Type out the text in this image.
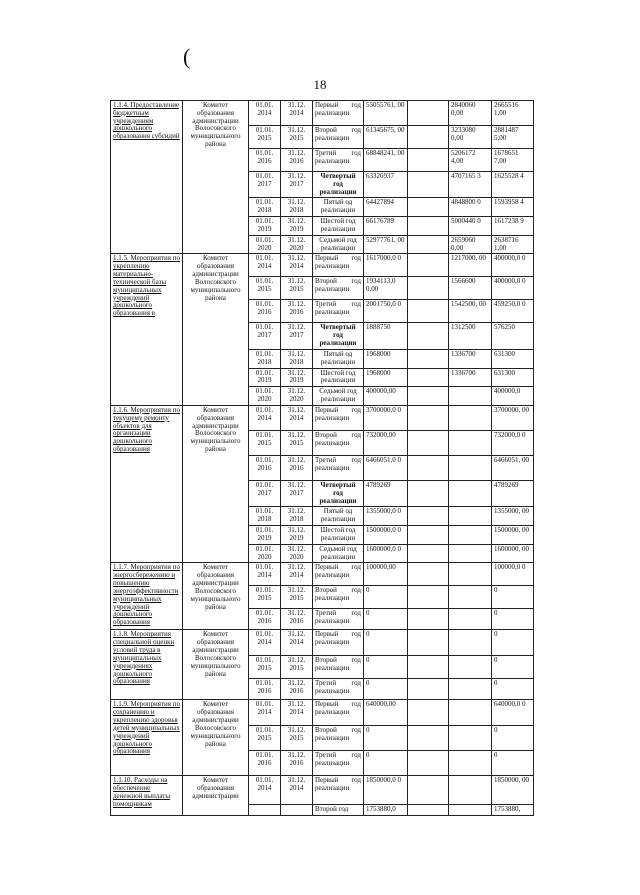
(
18
1.1.4. Предоставление бюджетным учреждениям дошкольного образования субсидий	Комитет образования администрации Волосовского муниципального района	01.01. 2014	31.12. 2014	Первый год реализации	55055761, 00		2840060 0,00	2665516 1,00
		01.01. 2015	31.12. 2015	Второй год реализации	61345675, 00		3233080 0,00	2881487 5,00
		01.01. 2016	31.12. 2016	Третий год реализации	68848241, 00		5206172 4,00	1678651 7,00
		01.01. 2017	31.12. 2017	Четвертый год реализации	63326937		4707165 3	1625528 4
		01.01. 2018	31.12. 2018	Пятый од реализации	64427894		4848800 0	1593958 4
		01.01. 2019	31.12. 2019	Шестой год реализации	66176789		5000440 0	1617238 9
		01.01. 2020	31.12. 2020	Седьмой год реализации	52977761, 00		2659060 0,00	2638716 1,00
1.1.5. Мероприятия по укреплению материально-технической базы муниципальных учреждений дошкольного образования в	Комитет образования администрации Волосовского муниципального района	01.01. 2014	31.12. 2014	Первый год реализации	1617000,0 0		1217000, 00	400000,0 0
		01.01. 2015	31.12. 2015	Второй год реализации	1934113,0 0,00		1566600	400000,0 0
		01.01. 2016	31.12. 2016	Третий год реализации	2001750,0 0		1542500, 00	459250,0 0
		01.01. 2017	31.12. 2017	Четвертый год реализации	1888750		1312500	576250
		01.01. 2018	31.12. 2018	Пятый од реализации	1968000		1336700	631300
		01.01. 2019	31.12. 2019	Шестой год реализации	1968000		1336700	631300
		01.01. 2020	31.12. 2020	Седьмой год реализации	400000,00			400000,0
1.1.6. Мероприятия по текущему ремонту объектов для организации дошкольного образования	Комитет образования администрации Волосовского муниципального района	01.01. 2014	31.12. 2014	Первый год реализации	3700000,0 0			3700000, 00
		01.01. 2015	31.12. 2015	Второй год реализации	732000,00			732000,0 0
		01.01. 2016	31.12. 2016	Третий год реализации	6466051,0 0			6466051, 00
		01.01. 2017	31.12. 2017	Четвертый год реализации	4789269			4789269
		01.01. 2018	31.12. 2018	Пятый од реализации	1355000,0 0			1355000, 00
		01.01. 2019	31.12. 2019	Шестой год реализации	1500000,0 0			1500000, 00
		01.01. 2020	31.12. 2020	Седьмой год реализации	1600000,0 0			1600000, 00
1.1.7. Мероприятия по энергосбережению и повышению энергоэффективности муниципальных учреждений дошкольного образования	Комитет образования администрации Волосовского муниципального района	01.01. 2014	31.12. 2014	Первый год реализации	100000,00			100000,0 0
		01.01. 2015	31.12. 2015	Второй год реализации	0			0
		01.01. 2016	31.12. 2016	Третий год реализации	0			0
1.1.8. Мероприятия специальной оценки условий труда в муниципальных учреждениях дошкольного образования	Комитет образования администрации Волосовского муниципального района	01.01. 2014	31.12. 2014	Первый год реализации	0			0
		01.01. 2015	31.12. 2015	Второй год реализации	0			0
		01.01. 2016	31.12. 2016	Третий год реализации	0			0
1.1.9. Мероприятия по сохранению и укреплению здоровья детей муниципальных учреждений дошкольного образования	Комитет образования администрации Волосовского муниципального района	01.01. 2014	31.12. 2014	Первый год реализации	640000,00			640000,0 0
		01.01. 2015	31.12. 2015	Второй год реализации	0			0
		01.01. 2016	31.12. 2016	Третий год реализации	0			0
1.1.10. Расходы на обеспечение денежной выплаты помощникам	Комитет образования администрации	01.01. 2014	31.12. 2014	Первый год реализации	1850000,0 0			1850000, 00
				Второй год	1753880,0			1753880,
